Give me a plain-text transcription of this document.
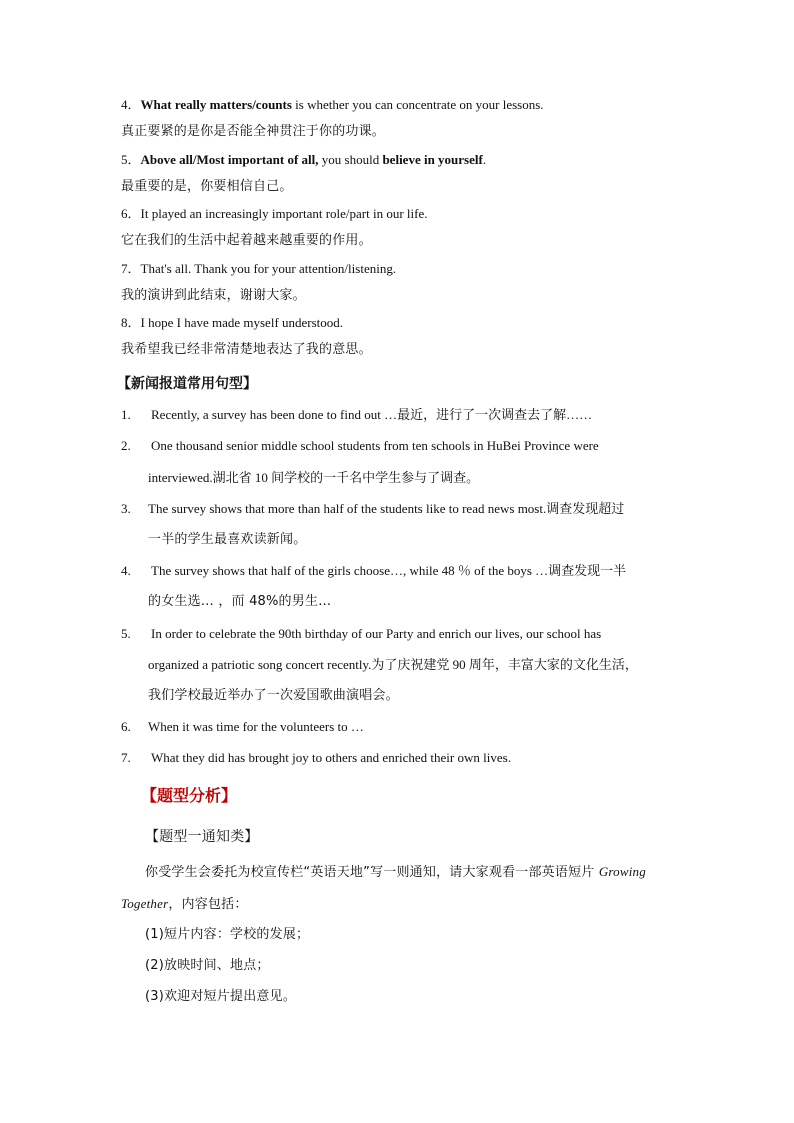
4．What really matters/counts is whether you can concentrate on your lessons.
真正要紧的是你是否能全神贯注于你的功课。
5．Above all/Most important of all, you should believe in yourself.
最重要的是，你要相信自己。
6．It played an increasingly important role/part in our life.
它在我们的生活中起着越来越重要的作用。
7．That's all. Thank you for your attention/listening.
我的演讲到此结束，谢谢大家。
8．I hope I have made myself understood.
我希望我已经非常清楚地表达了我的意思。
【新闻报道常用句型】
1. Recently, a survey has been done to find out …最近，进行了一次调查去了解……
2. One thousand senior middle school students from ten schools in HuBei Province were
interviewed.湖北省 10 间学校的一千名中学生参与了调查。
3. The survey shows that more than half of the students like to read news most.调查发现超过
一半的学生最喜欢读新闻。
4. The survey shows that half of the girls choose…, while 48 ％ of the boys …调查发现一半
的女生选… ，而 48%的男生…
5. In order to celebrate the 90th birthday of our Party and enrich our lives, our school has
organized a patriotic song concert recently.为了庆祝建党 90 周年，丰富大家的文化生活，
我们学校最近举办了一次爱国歌曲演唱会。
6. When it was time for the volunteers to …
7. What they did has brought joy to others and enriched their own lives.
【题型分析】
【题型一通知类】
你受学生会委托为校宣传栏“英语天地”写一则通知，请大家观看一部英语短片 Growing
Together，内容包括：
(1)短片内容：学校的发展；
(2)放映时间、地点；
(3)欢迎对短片提出意见。
